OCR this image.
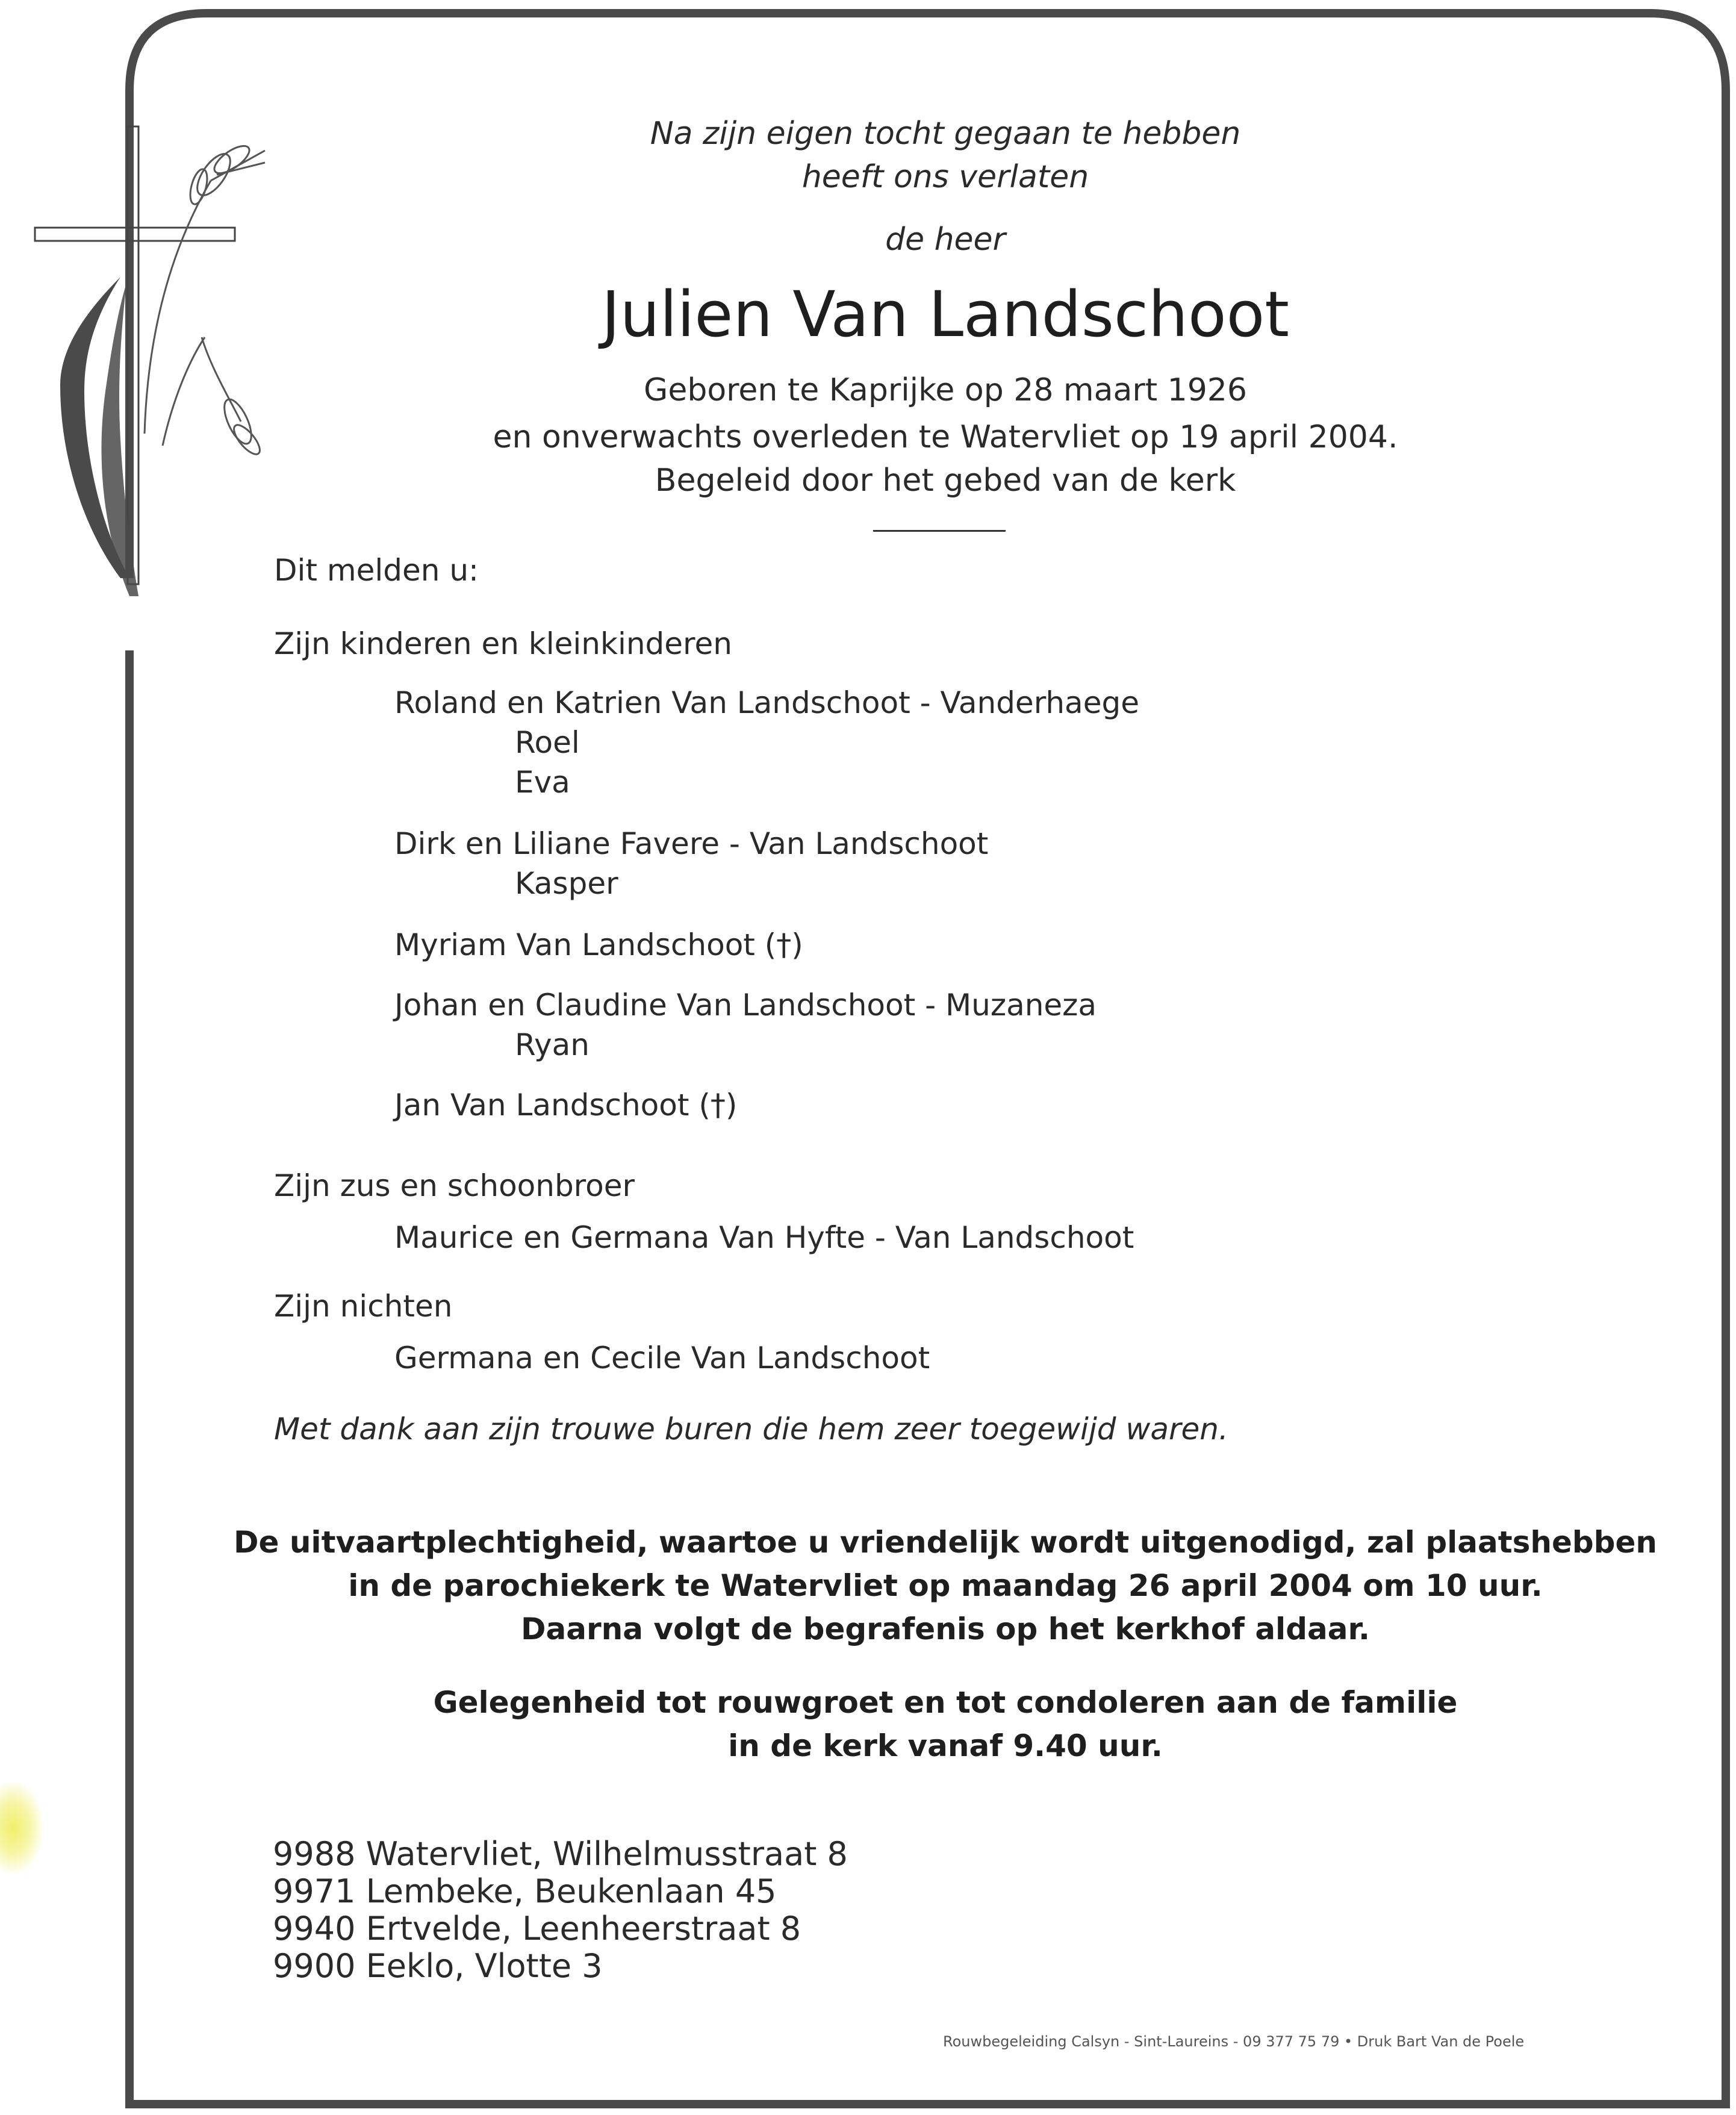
Na zijn eigen tocht gegaan te hebben
heeft ons verlaten
de heer
Julien Van Landschoot
Geboren te Kaprijke op 28 maart 1926
en onverwachts overleden te Watervliet op 19 april 2004.
Begeleid door het gebed van de kerk
Dit melden u:
Zijn kinderen en kleinkinderen
Roland en Katrien Van Landschoot - Vanderhaege
Roel
Eva
Dirk en Liliane Favere - Van Landschoot
Kasper
Myriam Van Landschoot (†)
Johan en Claudine Van Landschoot - Muzaneza
Ryan
Jan Van Landschoot (†)
Zijn zus en schoonbroer
Maurice en Germana Van Hyfte - Van Landschoot
Zijn nichten
Germana en Cecile Van Landschoot
Met dank aan zijn trouwe buren die hem zeer toegewijd waren.
De uitvaartplechtigheid, waartoe u vriendelijk wordt uitgenodigd, zal plaatshebben
in de parochiekerk te Watervliet op maandag 26 april 2004 om 10 uur.
Daarna volgt de begrafenis op het kerkhof aldaar.
Gelegenheid tot rouwgroet en tot condoleren aan de familie
in de kerk vanaf 9.40 uur.
9988 Watervliet, Wilhelmusstraat 8
9971 Lembeke, Beukenlaan 45
9940 Ertvelde, Leenheerstraat 8
9900 Eeklo, Vlotte 3
Rouwbegeleiding Calsyn - Sint-Laureins - 09 377 75 79 • Druk Bart Van de Poele
